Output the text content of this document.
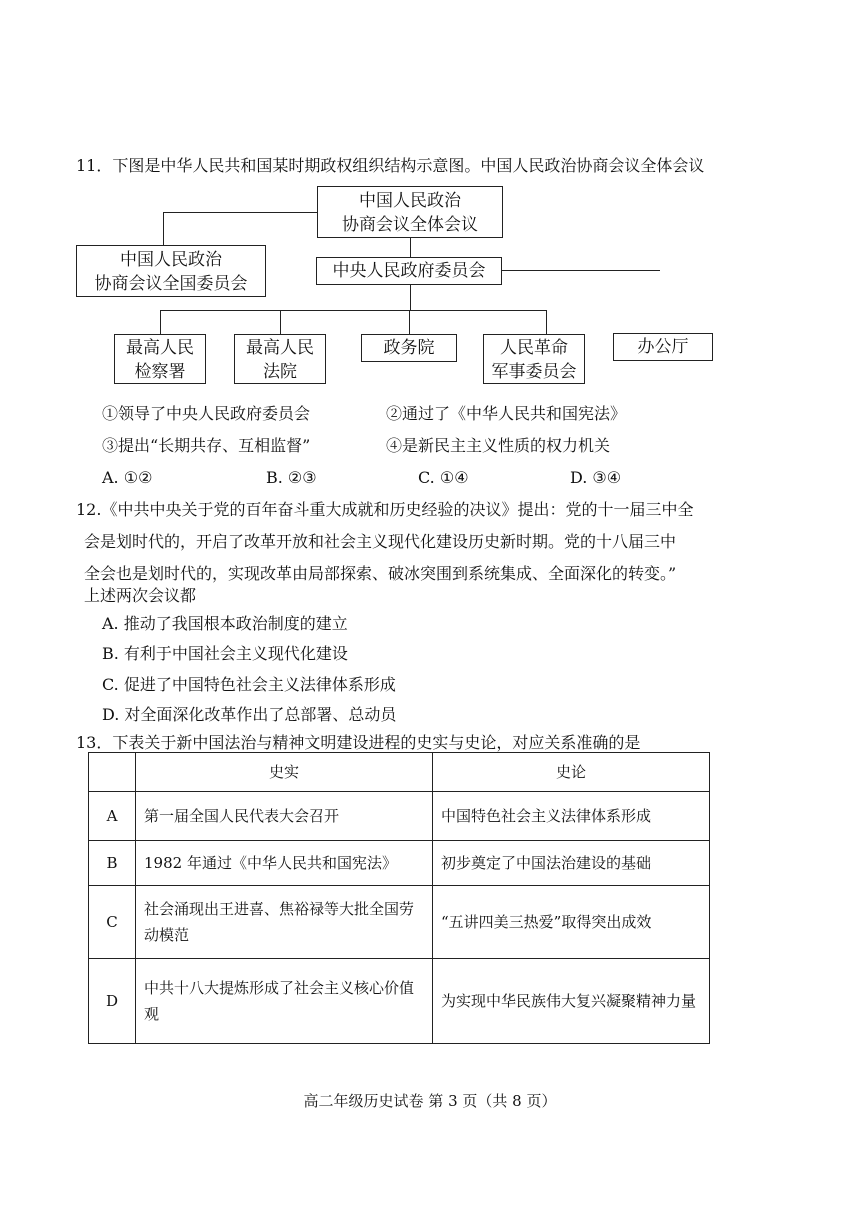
11．下图是中华人民共和国某时期政权组织结构示意图。中国人民政治协商会议全体会议
中国人民政治
协商会议全体会议
中国人民政治
协商会议全国委员会
中央人民政府委员会
最高人民
检察署
最高人民
法院
政务院	人民革命
军事委员会
办公厅
①领导了中央人民政府委员会	②通过了《中华人民共和国宪法》
③提出“长期共存、互相监督”	④是新民主主义性质的权力机关
A. ①②	B. ②③	C. ①④	D. ③④
12.《中共中央关于党的百年奋斗重大成就和历史经验的决议》提出：党的十一届三中全
会是划时代的，开启了改革开放和社会主义现代化建设历史新时期。党的十八届三中
全会也是划时代的，实现改革由局部探索、破冰突围到系统集成、全面深化的转变。”
上述两次会议都
A. 推动了我国根本政治制度的建立
B. 有利于中国社会主义现代化建设
C. 促进了中国特色社会主义法律体系形成
D. 对全面深化改革作出了总部署、总动员
13．下表关于新中国法治与精神文明建设进程的史实与史论，对应关系准确的是
	史实	史论
A	第一届全国人民代表大会召开	中国特色社会主义法律体系形成
B	1982 年通过《中华人民共和国宪法》	初步奠定了中国法治建设的基础
C	社会涌现出王进喜、焦裕禄等大批全国劳动模范	“五讲四美三热爱”取得突出成效
D	中共十八大提炼形成了社会主义核心价值观	为实现中华民族伟大复兴凝聚精神力量
高二年级历史试卷 第 3 页（共 8 页）
